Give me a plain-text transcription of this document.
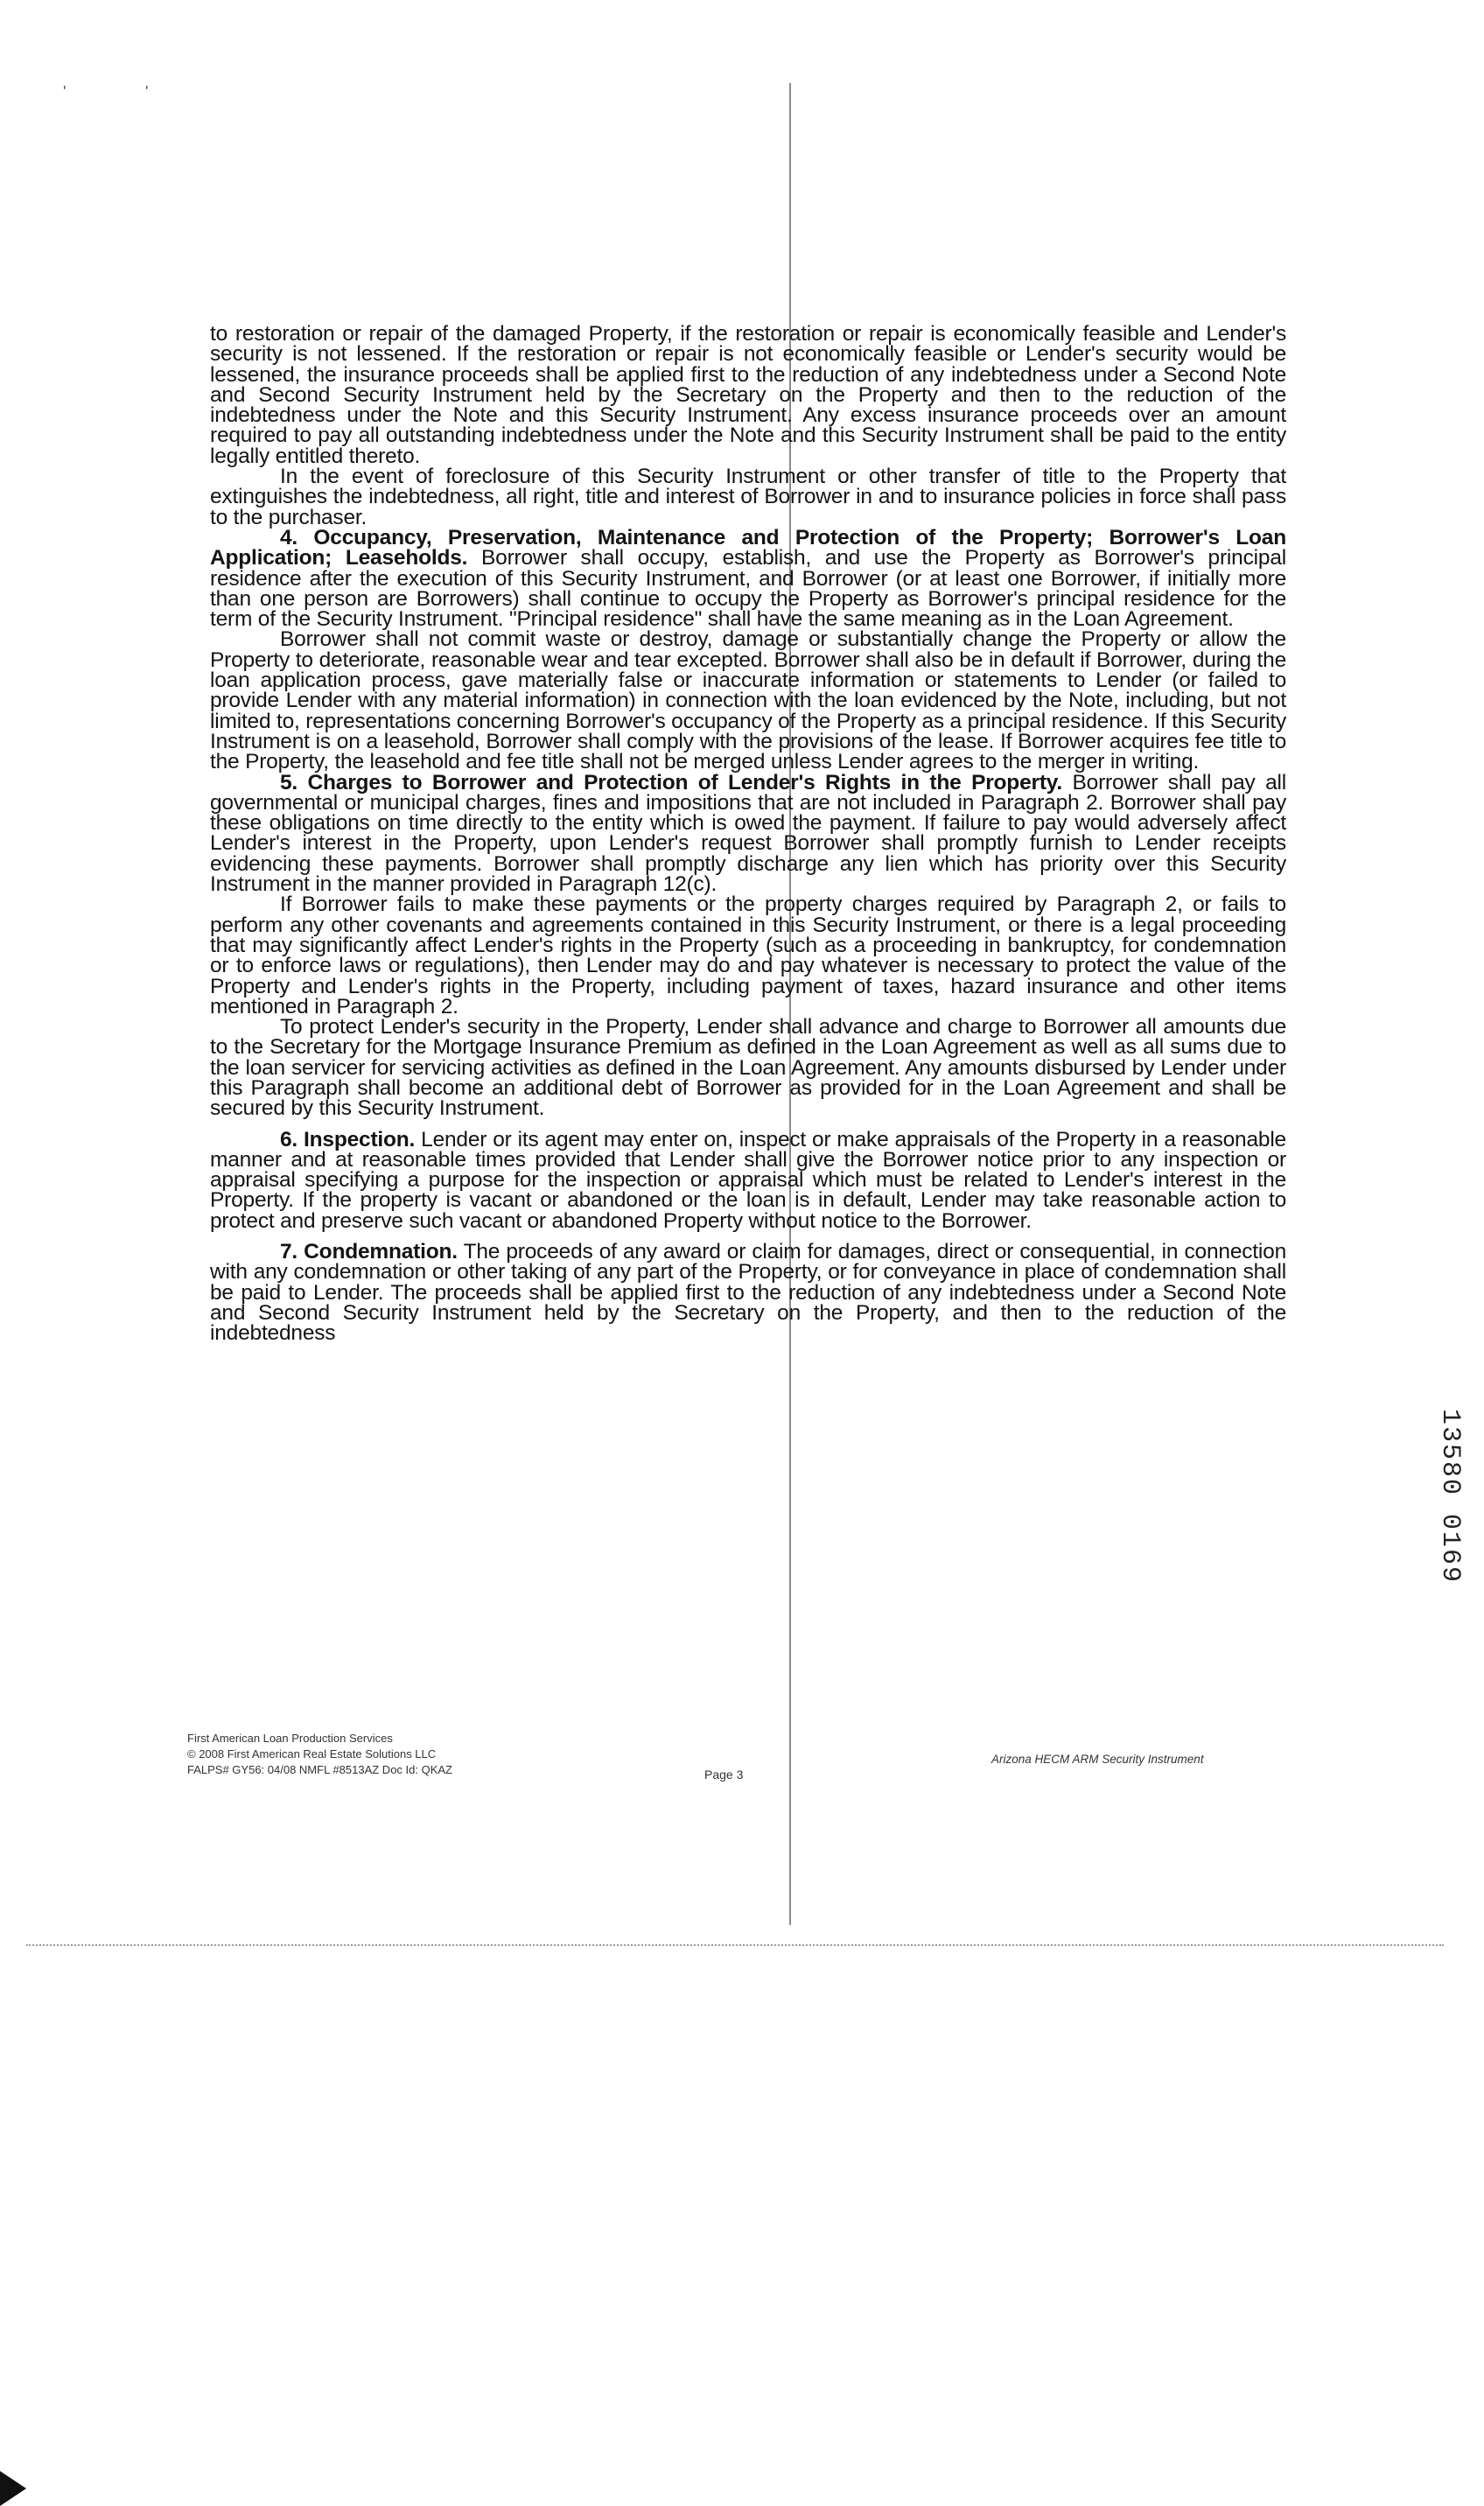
'	'

to restoration or repair of the damaged Property, if the restoration or repair is economically feasible and Lender's security is not lessened. If the restoration or repair is not economically feasible or Lender's security would be lessened, the insurance proceeds shall be applied first to the reduction of any indebtedness under a Second Note and Second Security Instrument held by the Secretary on the Property and then to the reduction of the indebtedness under the Note and this Security Instrument. Any excess insurance proceeds over an amount required to pay all outstanding indebtedness under the Note and this Security Instrument shall be paid to the entity legally entitled thereto.

In the event of foreclosure of this Security Instrument or other transfer of title to the Property that extinguishes the indebtedness, all right, title and interest of Borrower in and to insurance policies in force shall pass to the purchaser.

4. Occupancy, Preservation, Maintenance and Protection of the Property; Borrower's Loan Application; Leaseholds. Borrower shall occupy, establish, and use the Property as Borrower's principal residence after the execution of this Security Instrument, and Borrower (or at least one Borrower, if initially more than one person are Borrowers) shall continue to occupy the Property as Borrower's principal residence for the term of the Security Instrument. "Principal residence" shall have the same meaning as in the Loan Agreement.

Borrower shall not commit waste or destroy, damage or substantially change the Property or allow the Property to deteriorate, reasonable wear and tear excepted. Borrower shall also be in default if Borrower, during the loan application process, gave materially false or inaccurate information or statements to Lender (or failed to provide Lender with any material information) in connection with the loan evidenced by the Note, including, but not limited to, representations concerning Borrower's occupancy of the Property as a principal residence. If this Security Instrument is on a leasehold, Borrower shall comply with the provisions of the lease. If Borrower acquires fee title to the Property, the leasehold and fee title shall not be merged unless Lender agrees to the merger in writing.

5. Charges to Borrower and Protection of Lender's Rights in the Property. Borrower shall pay all governmental or municipal charges, fines and impositions that are not included in Paragraph 2. Borrower shall pay these obligations on time directly to the entity which is owed the payment. If failure to pay would adversely affect Lender's interest in the Property, upon Lender's request Borrower shall promptly furnish to Lender receipts evidencing these payments. Borrower shall promptly discharge any lien which has priority over this Security Instrument in the manner provided in Paragraph 12(c).

If Borrower fails to make these payments or the property charges required by Paragraph 2, or fails to perform any other covenants and agreements contained in this Security Instrument, or there is a legal proceeding that may significantly affect Lender's rights in the Property (such as a proceeding in bankruptcy, for condemnation or to enforce laws or regulations), then Lender may do and pay whatever is necessary to protect the value of the Property and Lender's rights in the Property, including payment of taxes, hazard insurance and other items mentioned in Paragraph 2.

To protect Lender's security in the Property, Lender shall advance and charge to Borrower all amounts due to the Secretary for the Mortgage Insurance Premium as defined in the Loan Agreement as well as all sums due to the loan servicer for servicing activities as defined in the Loan Agreement. Any amounts disbursed by Lender under this Paragraph shall become an additional debt of Borrower as provided for in the Loan Agreement and shall be secured by this Security Instrument.

6. Inspection. Lender or its agent may enter on, inspect or make appraisals of the Property in a reasonable manner and at reasonable times provided that Lender shall give the Borrower notice prior to any inspection or appraisal specifying a purpose for the inspection or appraisal which must be related to Lender's interest in the Property. If the property is vacant or abandoned or the loan is in default, Lender may take reasonable action to protect and preserve such vacant or abandoned Property without notice to the Borrower.

7. Condemnation. The proceeds of any award or claim for damages, direct or consequential, in connection with any condemnation or other taking of any part of the Property, or for conveyance in place of condemnation shall be paid to Lender. The proceeds shall be applied first to the reduction of any indebtedness under a Second Note and Second Security Instrument held by the Secretary on the Property, and then to the reduction of the indebtedness

13580 0169
First American Loan Production Services
© 2008 First American Real Estate Solutions LLC
FALPS# GY56: 04/08 NMFL #8513AZ Doc Id: QKAZ	Page 3
Arizona HECM ARM Security Instrument
